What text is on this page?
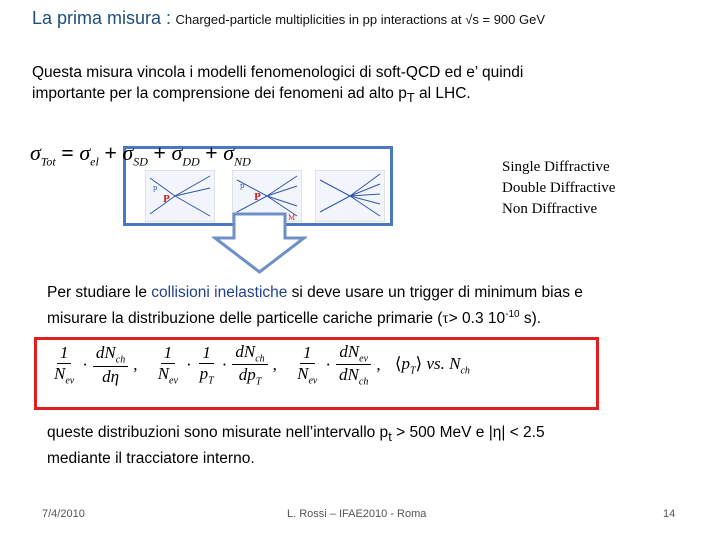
La prima misura : Charged-particle multiplicities in pp interactions at √s = 900 GeV
Questa misura vincola i modelli fenomenologici di soft-QCD ed e’ quindi
importante per la comprensione dei fenomeni ad alto $p_T$ al LHC.
$\sigma_{Tot} = \sigma_{el} + \sigma_{SD} + \sigma_{DD} + \sigma_{ND}$
p
P
p
P
M
Single Diffractive
Double Diffractive
Non Diffractive
Per studiare le collisioni inelastiche si deve usare un trigger di minimum bias e
misurare la distribuzione delle particelle cariche primarie (τ> 0.3 $10^{-10}$ s).
$\frac{1}{N_{ev}} \cdot \frac{dN_{ch}}{d\eta}$ , $\frac{1}{N_{ev}} \cdot \frac{1}{p_T} \cdot \frac{dN_{ch}}{dp_T}$ , $\frac{1}{N_{ev}} \cdot \frac{dN_{ev}}{dN_{ch}}$ , $⟨p_T⟩$ vs. $N_{ch}$
queste distribuzioni sono misurate nell’intervallo $p_t > 500$ MeV e |η| < 2.5
mediante il tracciatore interno.
7/4/2010	L. Rossi – IFAE2010 - Roma	14
